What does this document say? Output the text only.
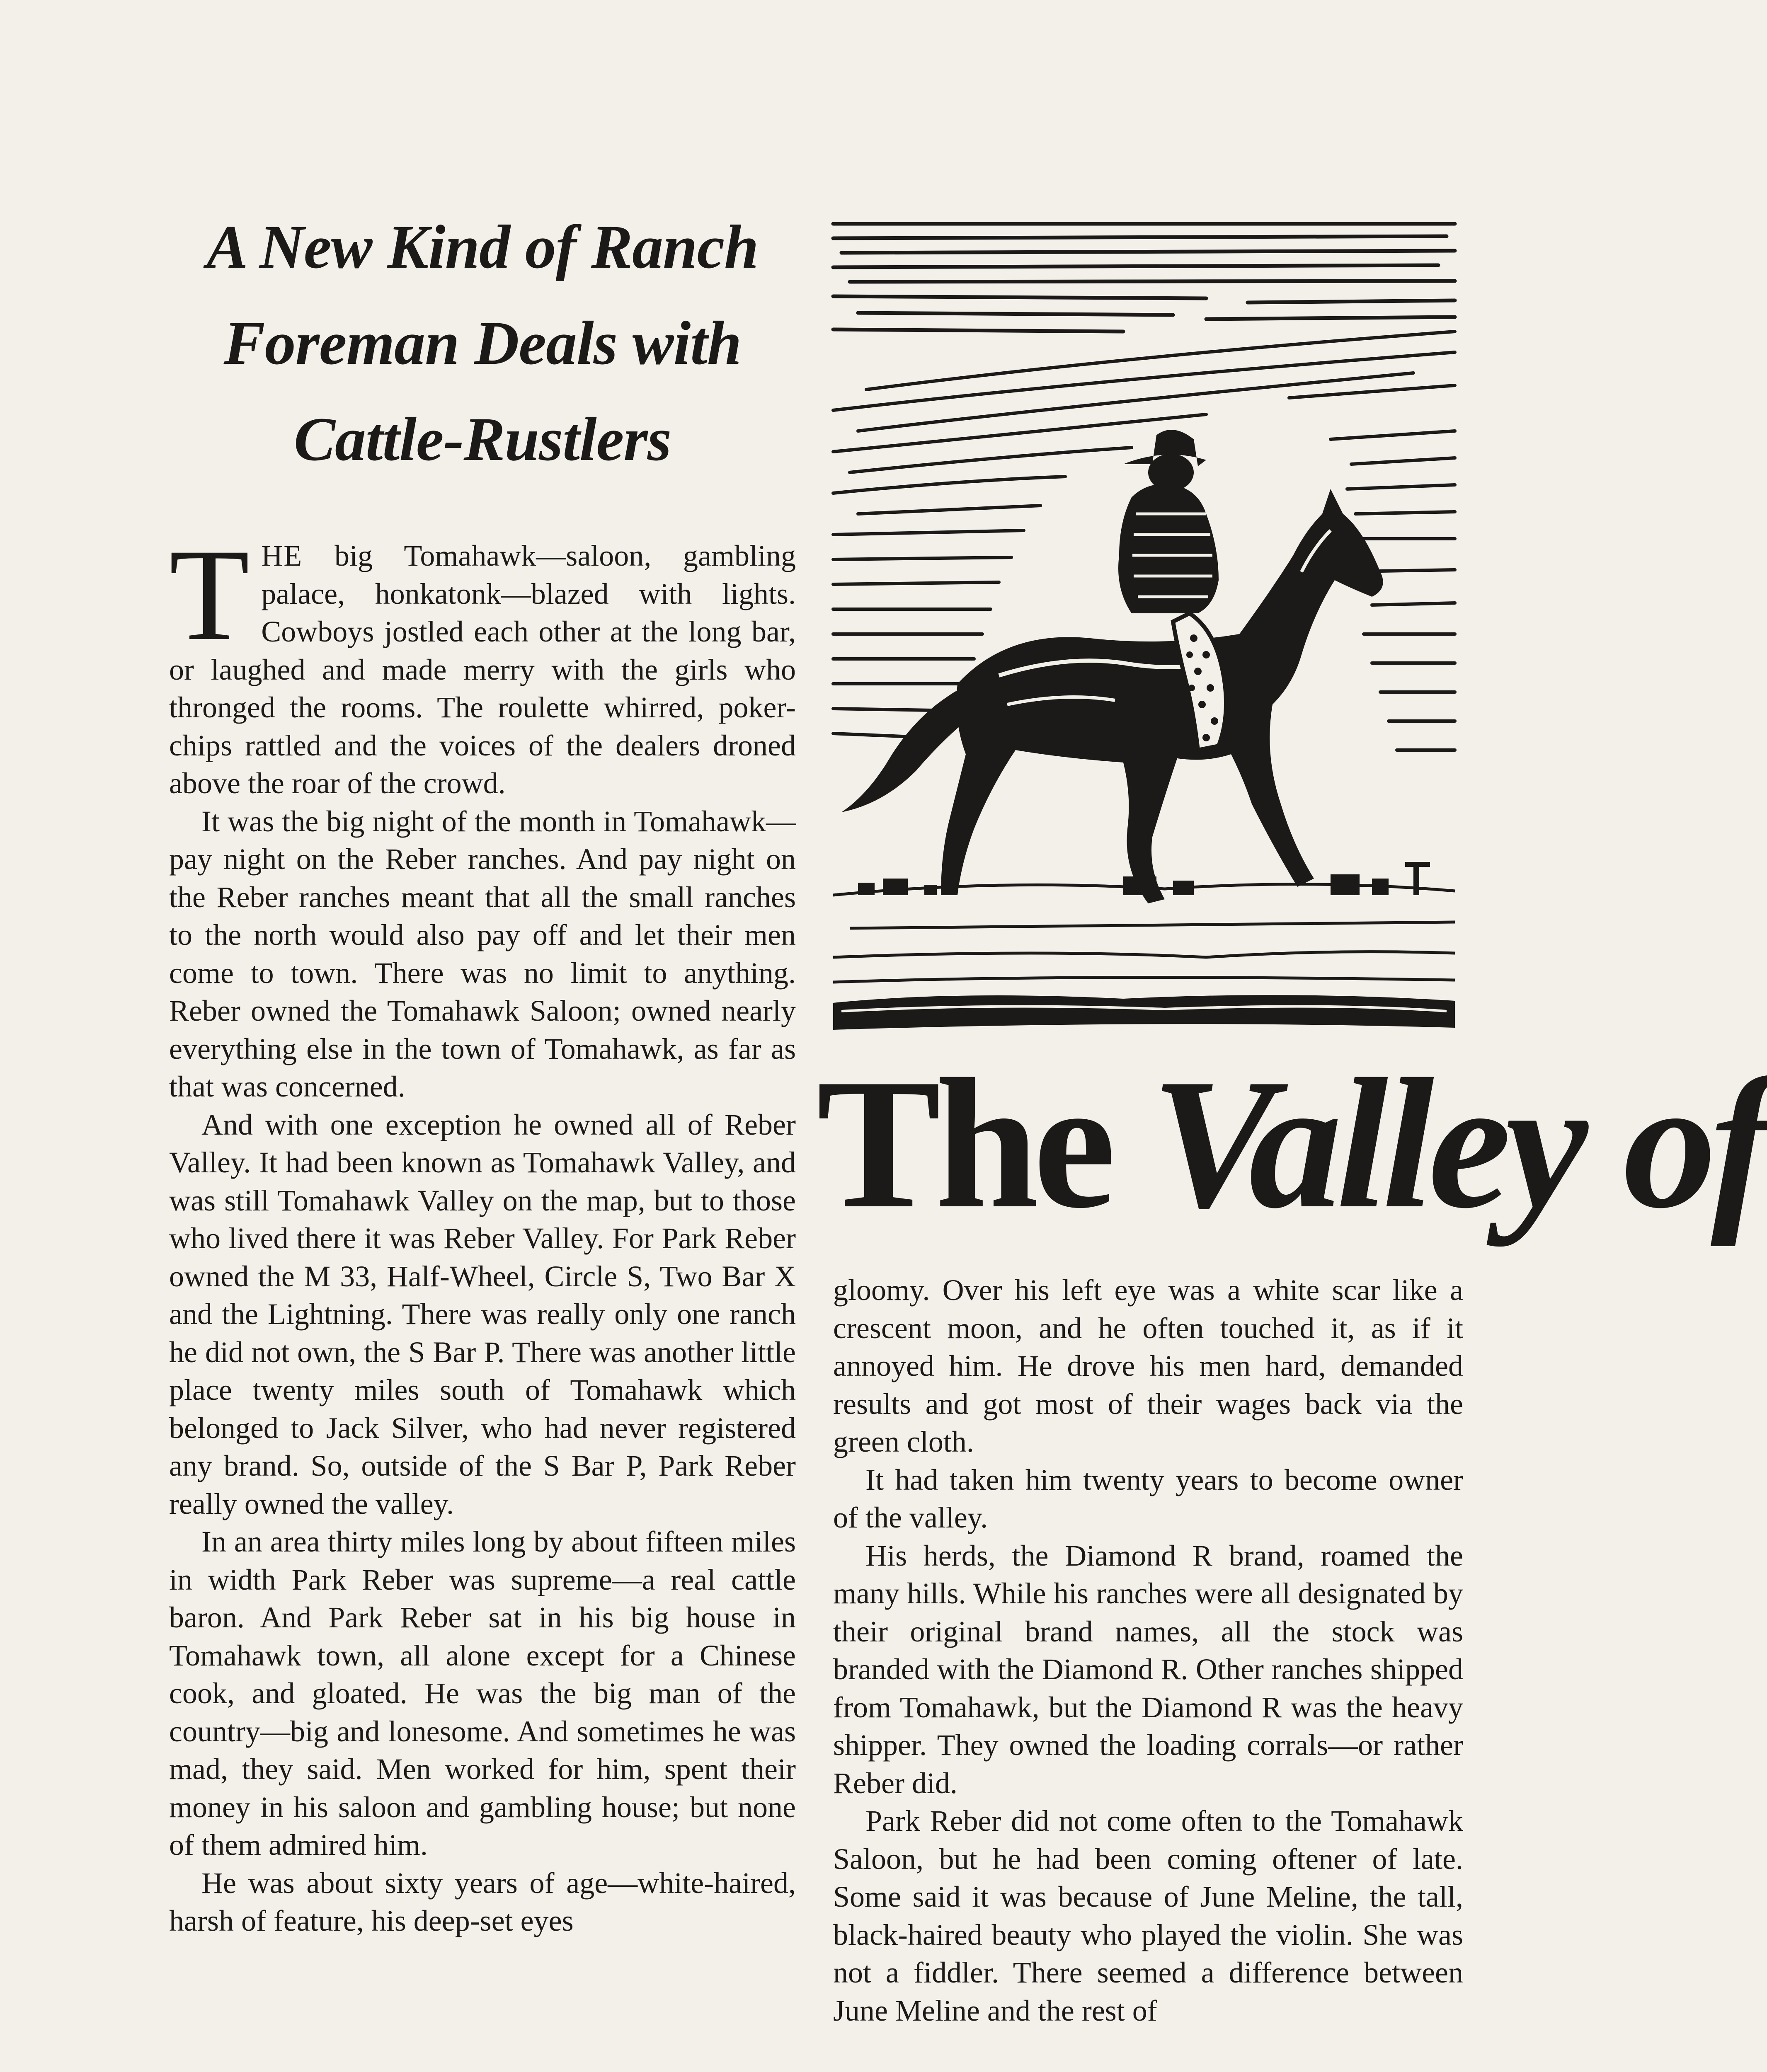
A New Kind of Ranch Foreman Deals with Cattle-Rustlers

THE big Tomahawk—saloon, gambling palace, honkatonk—blazed with lights. Cowboys jostled each other at the long bar, or laughed and made merry with the girls who thronged the rooms. The roulette whirred, poker-chips rattled and the voices of the dealers droned above the roar of the crowd.

It was the big night of the month in Tomahawk—pay night on the Reber ranches. And pay night on the Reber ranches meant that all the small ranches to the north would also pay off and let their men come to town. There was no limit to anything. Reber owned the Tomahawk Saloon; owned nearly everything else in the town of Tomahawk, as far as that was concerned.

And with one exception he owned all of Reber Valley. It had been known as Tomahawk Valley, and was still Tomahawk Valley on the map, but to those who lived there it was Reber Valley. For Park Reber owned the M 33, Half-Wheel, Circle S, Two Bar X and the Lightning. There was really only one ranch he did not own, the S Bar P. There was another little place twenty miles south of Tomahawk which belonged to Jack Silver, who had never registered any brand. So, outside of the S Bar P, Park Reber really owned the valley.

In an area thirty miles long by about fifteen miles in width Park Reber was supreme—a real cattle baron. And Park Reber sat in his big house in Tomahawk town, all alone except for a Chinese cook, and gloated. He was the big man of the country—big and lonesome. And sometimes he was mad, they said. Men worked for him, spent their money in his saloon and gambling house; but none of them admired him.

He was about sixty years of age—white-haired, harsh of feature, his deep-set eyes

The Valley of

gloomy. Over his left eye was a white scar like a crescent moon, and he often touched it, as if it annoyed him. He drove his men hard, demanded results and got most of their wages back via the green cloth.

It had taken him twenty years to become owner of the valley.

His herds, the Diamond R brand, roamed the many hills. While his ranches were all designated by their original brand names, all the stock was branded with the Diamond R. Other ranches shipped from Tomahawk, but the Diamond R was the heavy shipper. They owned the loading corrals—or rather Reber did.

Park Reber did not come often to the Tomahawk Saloon, but he had been coming oftener of late. Some said it was because of June Meline, the tall, black-haired beauty who played the violin. She was not a fiddler. There seemed a difference between June Meline and the rest of
